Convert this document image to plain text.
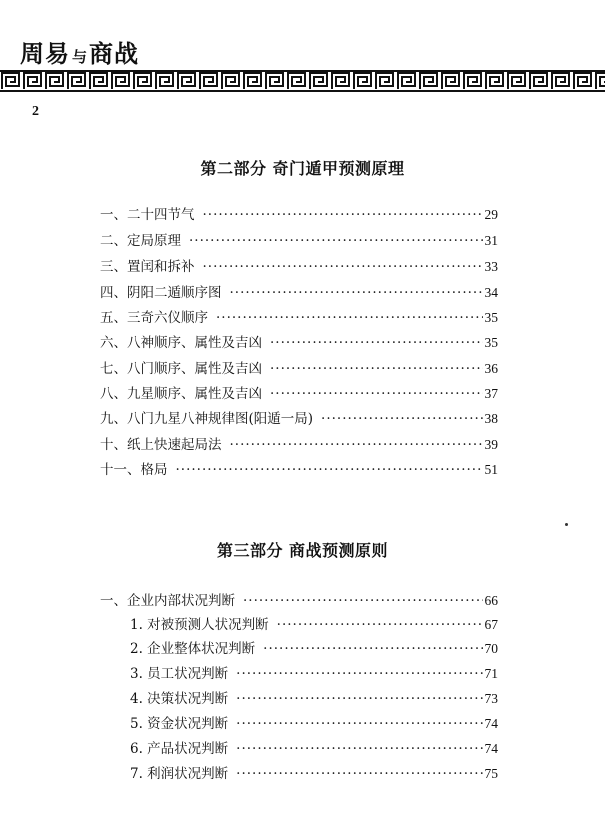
周易 与商战
2
第二部分 奇门遁甲预测原理
一、二十四节气 ·····	29
二、定局原理 ·····	31
三、置闰和拆补 ·····	33
四、阴阳二遁顺序图 ·····	34
五、三奇六仪顺序 ·····	35
六、八神顺序、属性及吉凶 ·····	35
七、八门顺序、属性及吉凶 ·····	36
八、九星顺序、属性及吉凶 ·····	37
九、八门九星八神规律图(阳遁一局) ·····	38
十、纸上快速起局法 ·····	39
十一、格局 ·····	51
第三部分 商战预测原则
一、企业内部状况判断 ·····	66
1. 对被预测人状况判断 ·····	67
2. 企业整体状况判断 ·····	70
3. 员工状况判断 ·····	71
4. 决策状况判断 ·····	73
5. 资金状况判断 ·····	74
6. 产品状况判断 ·····	74
7. 利润状况判断 ·····	75
